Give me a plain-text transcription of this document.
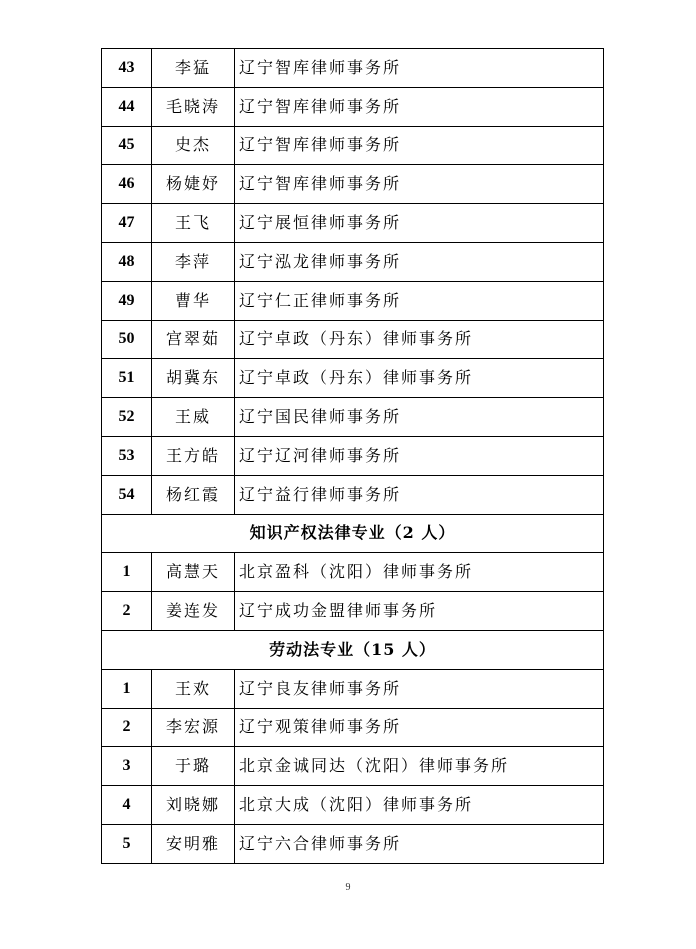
43	李猛	辽宁智库律师事务所
44	毛晓涛	辽宁智库律师事务所
45	史杰	辽宁智库律师事务所
46	杨婕妤	辽宁智库律师事务所
47	王飞	辽宁展恒律师事务所
48	李萍	辽宁泓龙律师事务所
49	曹华	辽宁仁正律师事务所
50	宫翠茹	辽宁卓政（丹东）律师事务所
51	胡冀东	辽宁卓政（丹东）律师事务所
52	王威	辽宁国民律师事务所
53	王方皓	辽宁辽河律师事务所
54	杨红霞	辽宁益行律师事务所
知识产权法律专业（2 人）		
1	高慧天	北京盈科（沈阳）律师事务所
2	姜连发	辽宁成功金盟律师事务所
劳动法专业（15 人）		
1	王欢	辽宁良友律师事务所
2	李宏源	辽宁观策律师事务所
3	于璐	北京金诚同达（沈阳）律师事务所
4	刘晓娜	北京大成（沈阳）律师事务所
5	安明雅	辽宁六合律师事务所
9
